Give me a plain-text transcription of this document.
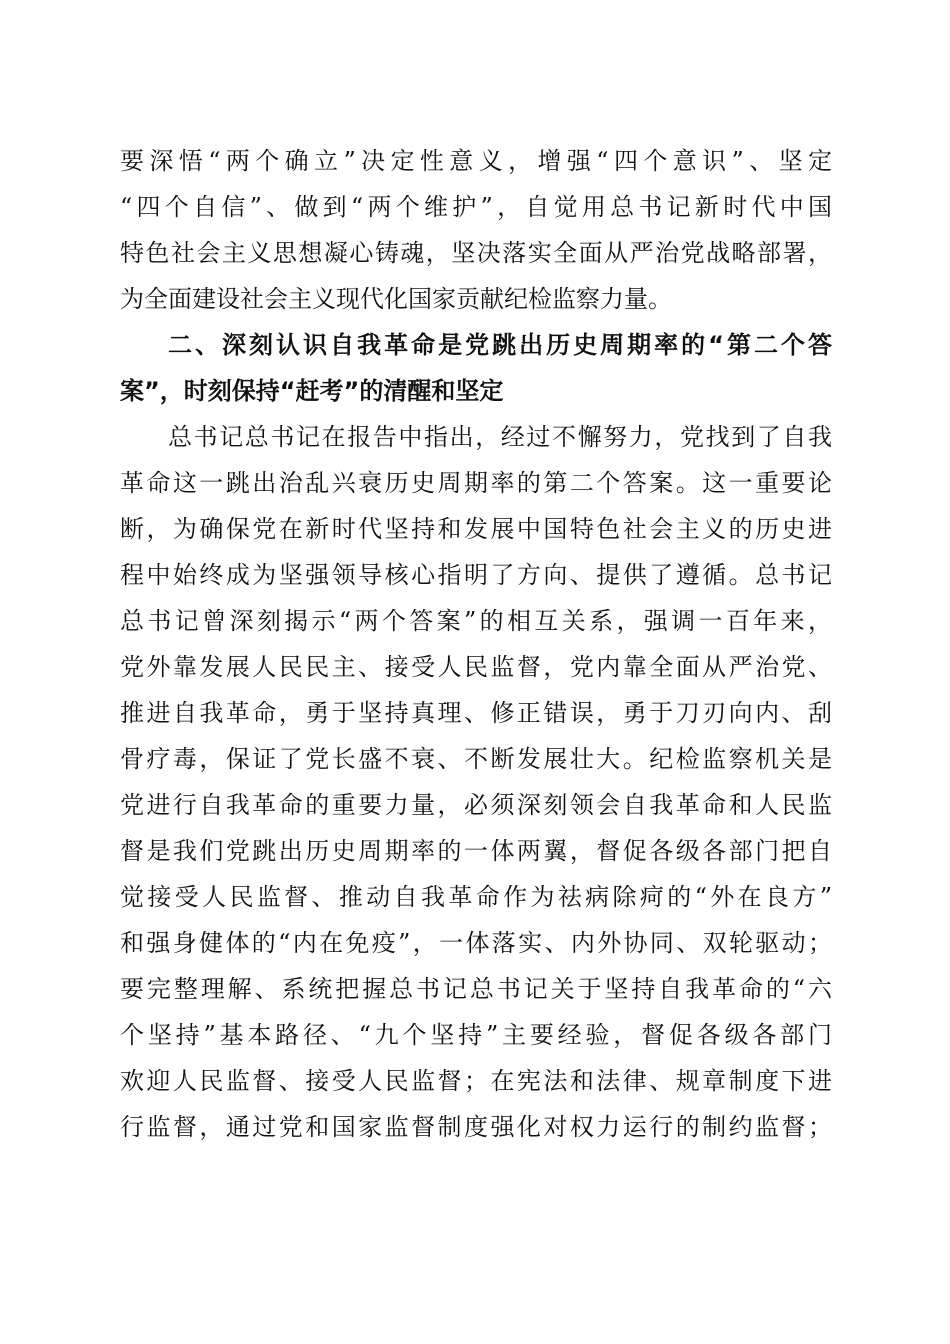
要深悟“两个确立”决定性意义，增强“四个意识”、坚定
“四个自信”、做到“两个维护”，自觉用总书记新时代中国
特色社会主义思想凝心铸魂，坚决落实全面从严治党战略部署，
为全面建设社会主义现代化国家贡献纪检监察力量。
二、深刻认识自我革命是党跳出历史周期率的“第二个答
案”，时刻保持“赶考”的清醒和坚定
总书记总书记在报告中指出，经过不懈努力，党找到了自我
革命这一跳出治乱兴衰历史周期率的第二个答案。这一重要论
断，为确保党在新时代坚持和发展中国特色社会主义的历史进
程中始终成为坚强领导核心指明了方向、提供了遵循。总书记
总书记曾深刻揭示“两个答案”的相互关系，强调一百年来，
党外靠发展人民民主、接受人民监督，党内靠全面从严治党、
推进自我革命，勇于坚持真理、修正错误，勇于刀刃向内、刮
骨疗毒，保证了党长盛不衰、不断发展壮大。纪检监察机关是
党进行自我革命的重要力量，必须深刻领会自我革命和人民监
督是我们党跳出历史周期率的一体两翼，督促各级各部门把自
觉接受人民监督、推动自我革命作为祛病除疴的“外在良方”
和强身健体的“内在免疫”，一体落实、内外协同、双轮驱动；
要完整理解、系统把握总书记总书记关于坚持自我革命的“六
个坚持”基本路径、“九个坚持”主要经验，督促各级各部门
欢迎人民监督、接受人民监督；在宪法和法律、规章制度下进
行监督，通过党和国家监督制度强化对权力运行的制约监督；
